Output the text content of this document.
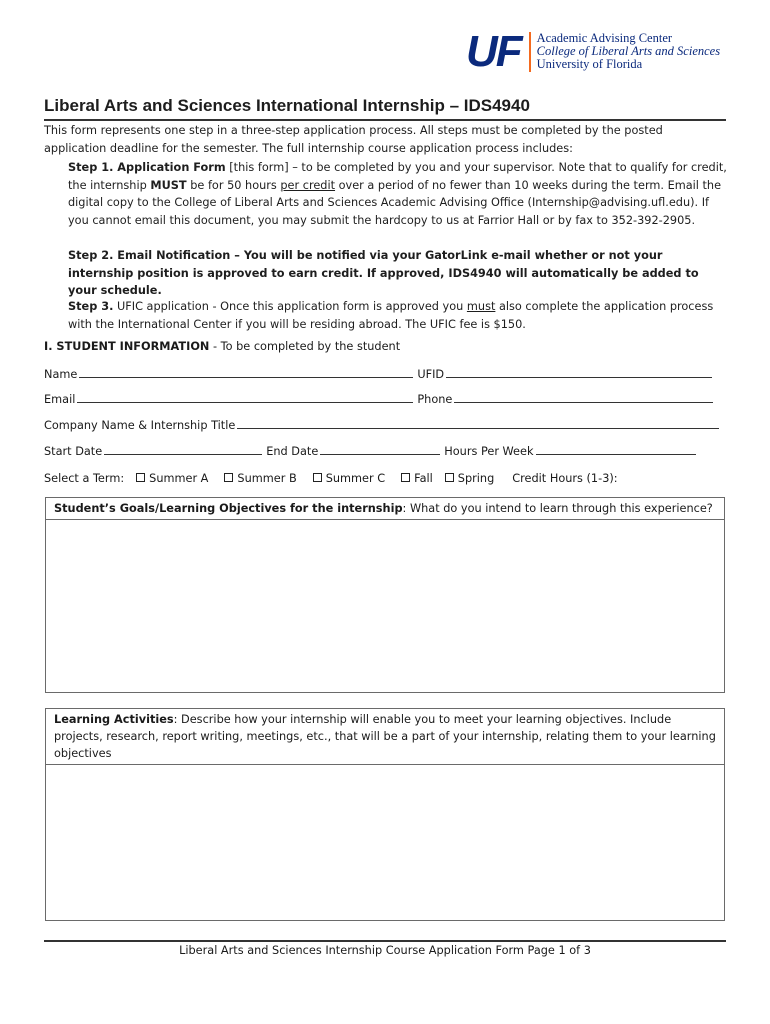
UF Academic Advising Center
College of Liberal Arts and Sciences
University of Florida
Liberal Arts and Sciences International Internship – IDS4940
This form represents one step in a three-step application process. All steps must be completed by the posted application deadline for the semester. The full internship course application process includes:
Step 1. Application Form [this form] – to be completed by you and your supervisor. Note that to qualify for credit, the internship MUST be for 50 hours per credit over a period of no fewer than 10 weeks during the term. Email the digital copy to the College of Liberal Arts and Sciences Academic Advising Office (Internship@advising.ufl.edu). If you cannot email this document, you may submit the hardcopy to us at Farrior Hall or by fax to 352-392-2905.
Step 2. Email Notification – You will be notified via your GatorLink e-mail whether or not your internship position is approved to earn credit. If approved, IDS4940 will automatically be added to your schedule.
Step 3. UFIC application - Once this application form is approved you must also complete the application process with the International Center if you will be residing abroad. The UFIC fee is $150.
I. STUDENT INFORMATION - To be completed by the student
Name	UFID
Email	Phone
Company Name & Internship Title
Start Date	End Date	Hours Per Week
Select a Term: Summer A	Summer B	Summer C	Fall Spring Credit Hours (1-3):
Student’s Goals/Learning Objectives for the internship: What do you intend to learn through this experience?
Learning Activities: Describe how your internship will enable you to meet your learning objectives. Include projects, research, report writing, meetings, etc., that will be a part of your internship, relating them to your learning objectives
Liberal Arts and Sciences Internship Course Application Form Page 1 of 3
